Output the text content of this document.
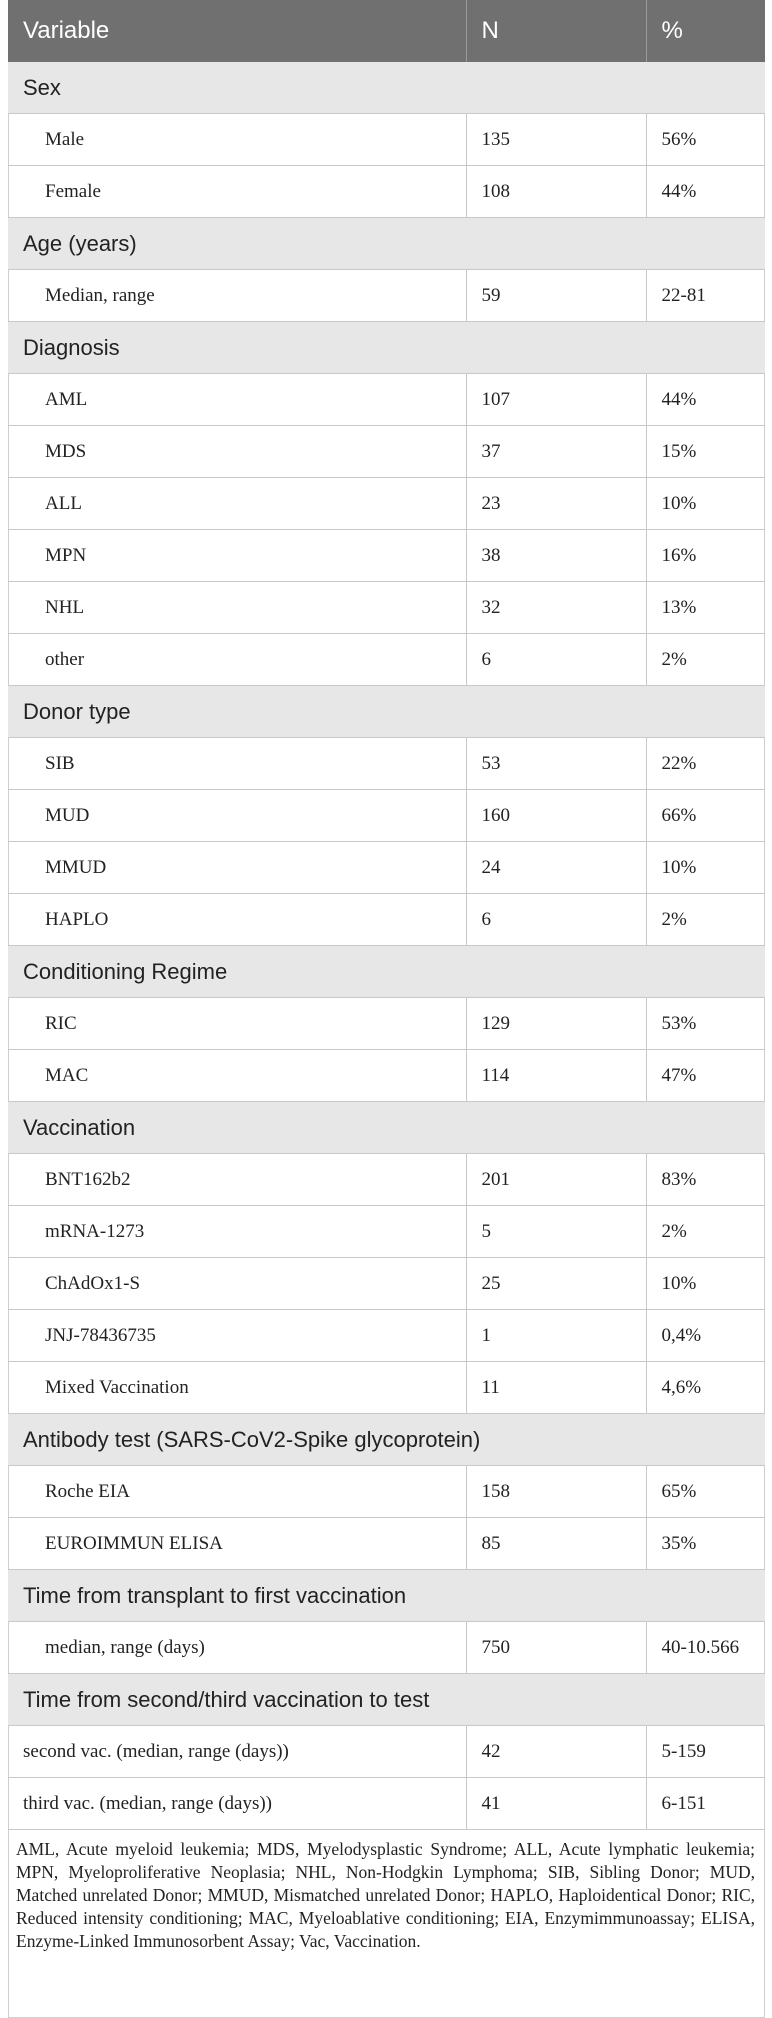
Variable	N	%
Sex		
Male	135	56%
Female	108	44%
Age (years)		
Median, range	59	22-81
Diagnosis		
AML	107	44%
MDS	37	15%
ALL	23	10%
MPN	38	16%
NHL	32	13%
other	6	2%
Donor type		
SIB	53	22%
MUD	160	66%
MMUD	24	10%
HAPLO	6	2%
Conditioning Regime		
RIC	129	53%
MAC	114	47%
Vaccination		
BNT162b2	201	83%
mRNA-1273	5	2%
ChAdOx1-S	25	10%
JNJ-78436735	1	0,4%
Mixed Vaccination	11	4,6%
Antibody test (SARS-CoV2-Spike glycoprotein)		
Roche EIA	158	65%
EUROIMMUN ELISA	85	35%
Time from transplant to first vaccination		
median, range (days)	750	40-10.566
Time from second/third vaccination to test		
second vac. (median, range (days))	42	5-159
third vac. (median, range (days))	41	6-151
AML, Acute myeloid leukemia; MDS, Myelodysplastic Syndrome; ALL, Acute lymphatic leukemia; MPN, Myeloproliferative Neoplasia; NHL, Non-Hodgkin Lymphoma; SIB, Sibling Donor; MUD, Matched unrelated Donor; MMUD, Mismatched unrelated Donor; HAPLO, Haploidentical Donor; RIC, Reduced intensity conditioning; MAC, Myeloablative conditioning; EIA, Enzymimmunoassay; ELISA, Enzyme-Linked Immunosorbent Assay; Vac, Vaccination.
